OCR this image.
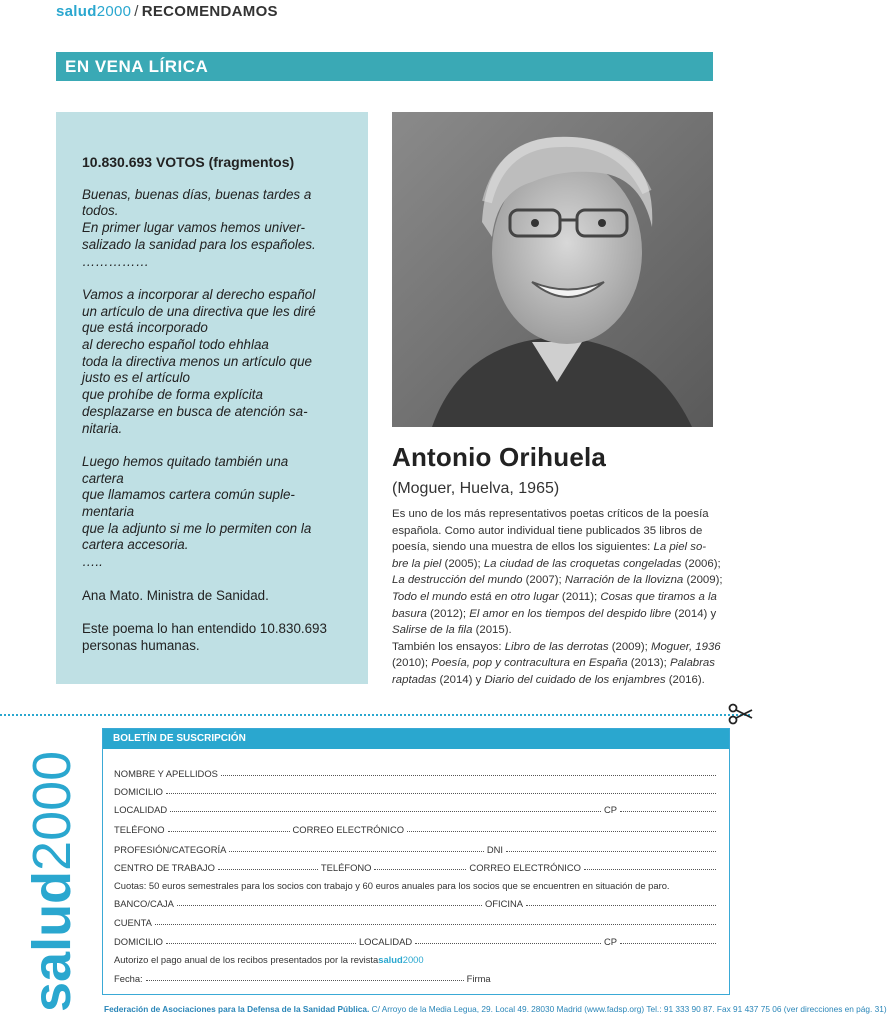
salud2000 / RECOMENDAMOS
EN VENA LÍRICA
10.830.693 VOTOS (fragmentos)

Buenas, buenas días, buenas tardes a
todos.
En primer lugar vamos hemos univer-
salizado la sanidad para los españoles.
……………

Vamos a incorporar al derecho español
un artículo de una directiva que les diré
que está incorporado
al derecho español todo ehhlaa
toda la directiva menos un artículo que
justo es el artículo
que prohíbe de forma explícita
desplazarse en busca de atención sa-
nitaria.

Luego hemos quitado también una
cartera
que llamamos cartera común suple-
mentaria
que la adjunto si me lo permiten con la
cartera accesoria.
…..

Ana Mato. Ministra de Sanidad.

Este poema lo han entendido 10.830.693
personas humanas.

Antonio Orihuela
(Moguer, Huelva, 1965)
Es uno de los más representativos poetas críticos de la poesía
española. Como autor individual tiene publicados 35 libros de
poesía, siendo una muestra de ellos los siguientes: La piel so-
bre la piel (2005); La ciudad de las croquetas congeladas (2006);
La destrucción del mundo (2007); Narración de la llovizna (2009);
Todo el mundo está en otro lugar (2011); Cosas que tiramos a la
basura (2012); El amor en los tiempos del despido libre (2014) y
Salirse de la fila (2015).
También los ensayos: Libro de las derrotas (2009); Moguer, 1936
(2010); Poesía, pop y contracultura en España (2013); Palabras
raptadas (2014) y Diario del cuidado de los enjambres (2016).
salud2000
BOLETÍN DE SUSCRIPCIÓN
NOMBRE Y APELLIDOS
DOMICILIO
LOCALIDAD	CP
TELÉFONO	CORREO ELECTRÓNICO
PROFESIÓN/CATEGORÍA	DNI
CENTRO DE TRABAJO	TELÉFONO	CORREO ELECTRÓNICO
Cuotas: 50 euros semestrales para los socios con trabajo y 60 euros anuales para los socios que se encuentren en situación de paro.
BANCO/CAJA	OFICINA
CUENTA
DOMICILIO	LOCALIDAD	CP
Autorizo el pago anual de los recibos presentados por la revista salud 2000
Fecha:	Firma
Federación de Asociaciones para la Defensa de la Sanidad Pública. C/ Arroyo de la Media Legua, 29. Local 49. 28030 Madrid (www.fadsp.org) Tel.: 91 333 90 87. Fax 91 437 75 06 (ver direcciones en pág. 31)
